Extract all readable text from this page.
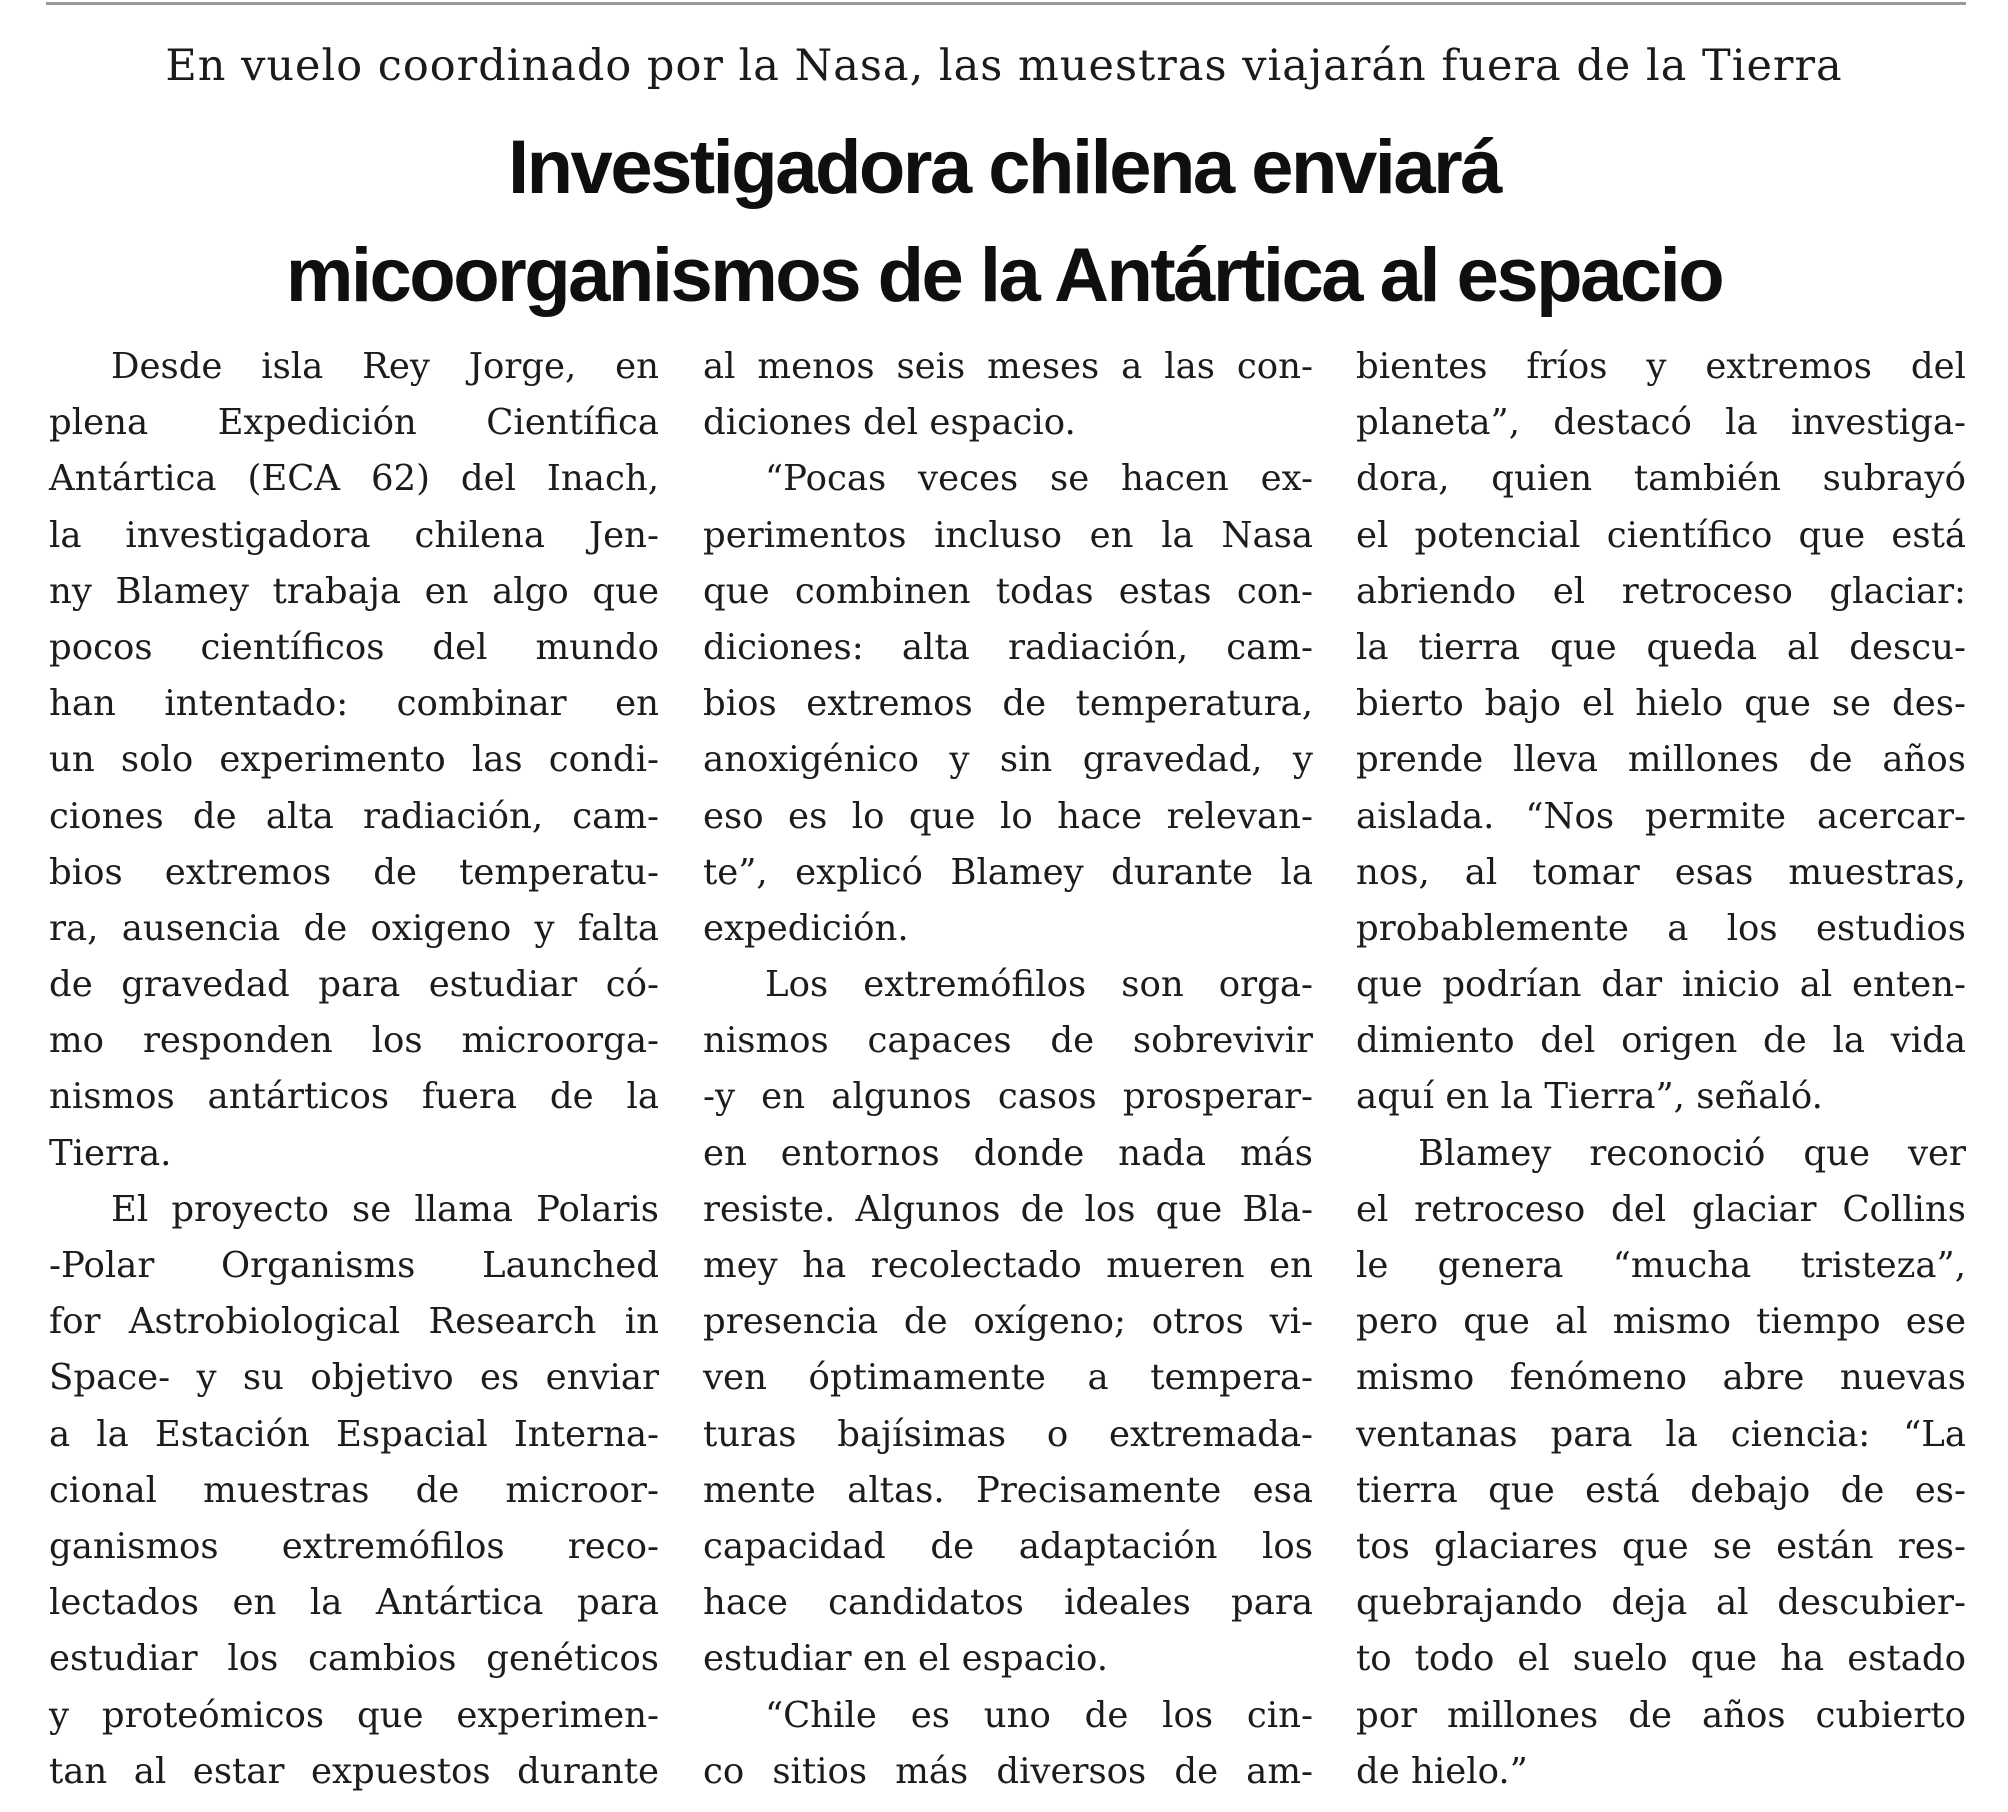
En vuelo coordinado por la Nasa, las muestras viajarán fuera de la Tierra
Investigadora chilena enviará
micoorganismos de la Antártica al espacio
Desde isla Rey Jorge, en
plena Expedición Científica
Antártica (ECA 62) del Inach,
la investigadora chilena Jen-
ny Blamey trabaja en algo que
pocos científicos del mundo
han intentado: combinar en
un solo experimento las condi-
ciones de alta radiación, cam-
bios extremos de temperatu-
ra, ausencia de oxigeno y falta
de gravedad para estudiar có-
mo responden los microorga-
nismos antárticos fuera de la
Tierra.
El proyecto se llama Polaris
-Polar Organisms Launched
for Astrobiological Research in
Space- y su objetivo es enviar
a la Estación Espacial Interna-
cional muestras de microor-
ganismos extremófilos reco-
lectados en la Antártica para
estudiar los cambios genéticos
y proteómicos que experimen-
tan al estar expuestos durante
al menos seis meses a las con-
diciones del espacio.
“Pocas veces se hacen ex-
perimentos incluso en la Nasa
que combinen todas estas con-
diciones: alta radiación, cam-
bios extremos de temperatura,
anoxigénico y sin gravedad, y
eso es lo que lo hace relevan-
te”, explicó Blamey durante la
expedición.
Los extremófilos son orga-
nismos capaces de sobrevivir
-y en algunos casos prosperar-
en entornos donde nada más
resiste. Algunos de los que Bla-
mey ha recolectado mueren en
presencia de oxígeno; otros vi-
ven óptimamente a tempera-
turas bajísimas o extremada-
mente altas. Precisamente esa
capacidad de adaptación los
hace candidatos ideales para
estudiar en el espacio.
“Chile es uno de los cin-
co sitios más diversos de am-
bientes fríos y extremos del
planeta”, destacó la investiga-
dora, quien también subrayó
el potencial científico que está
abriendo el retroceso glaciar:
la tierra que queda al descu-
bierto bajo el hielo que se des-
prende lleva millones de años
aislada. “Nos permite acercar-
nos, al tomar esas muestras,
probablemente a los estudios
que podrían dar inicio al enten-
dimiento del origen de la vida
aquí en la Tierra”, señaló.
Blamey reconoció que ver
el retroceso del glaciar Collins
le genera “mucha tristeza”,
pero que al mismo tiempo ese
mismo fenómeno abre nuevas
ventanas para la ciencia: “La
tierra que está debajo de es-
tos glaciares que se están res-
quebrajando deja al descubier-
to todo el suelo que ha estado
por millones de años cubierto
de hielo.”
